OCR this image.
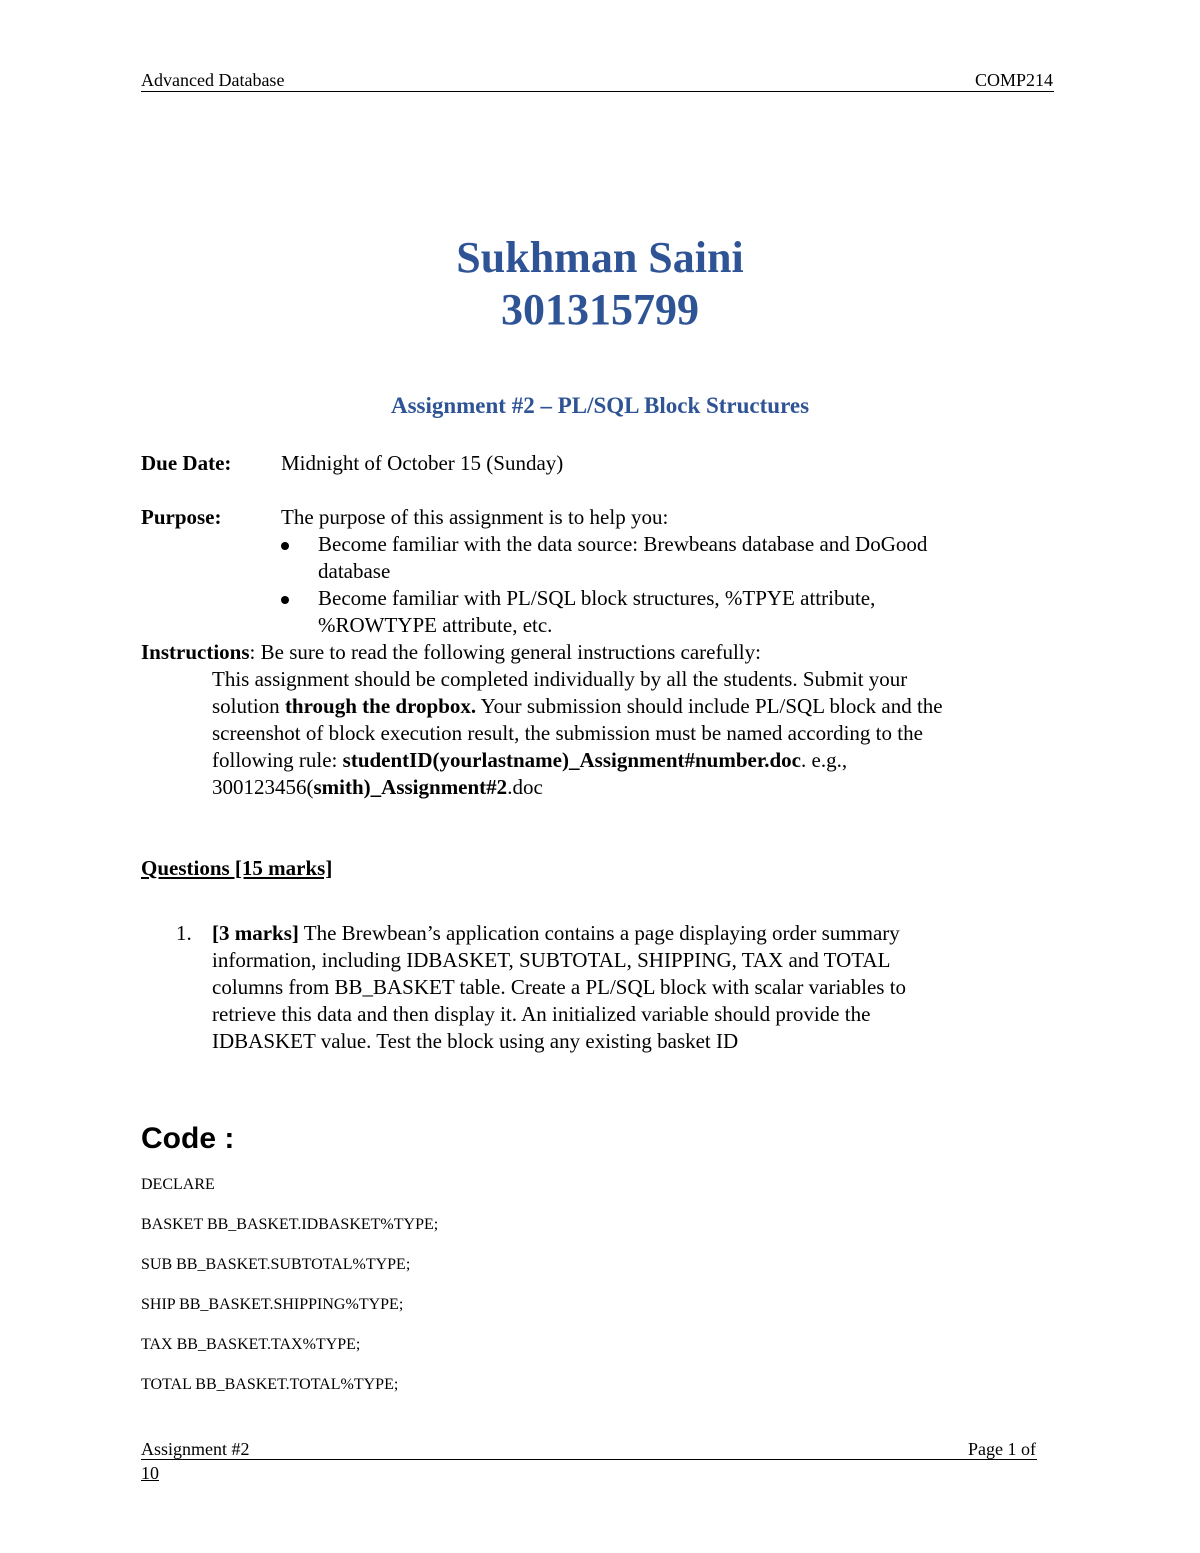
Advanced Database	COMP214
Sukhman Saini
301315799
Assignment #2 – PL/SQL Block Structures
Due Date: Midnight of October 15 (Sunday)
Purpose:	The purpose of this assignment is to help you:
Become familiar with the data source: Brewbeans database and DoGood
database
Become familiar with PL/SQL block structures, %TPYE attribute,
%ROWTYPE attribute, etc.
Instructions: Be sure to read the following general instructions carefully:
This assignment should be completed individually by all the students. Submit your
solution through the dropbox. Your submission should include PL/SQL block and the
screenshot of block execution result, the submission must be named according to the
following rule: studentID(yourlastname)_Assignment#number.doc. e.g.,
300123456(smith)_Assignment#2.doc
Questions [15 marks]
1. [3 marks] The Brewbean’s application contains a page displaying order summary
information, including IDBASKET, SUBTOTAL, SHIPPING, TAX and TOTAL
columns from BB_BASKET table. Create a PL/SQL block with scalar variables to
retrieve this data and then display it. An initialized variable should provide the
IDBASKET value. Test the block using any existing basket ID
Code :
DECLARE
BASKET BB_BASKET.IDBASKET%TYPE;
SUB BB_BASKET.SUBTOTAL%TYPE;
SHIP BB_BASKET.SHIPPING%TYPE;
TAX BB_BASKET.TAX%TYPE;
TOTAL BB_BASKET.TOTAL%TYPE;
Assignment #2	Page 1 of
10
